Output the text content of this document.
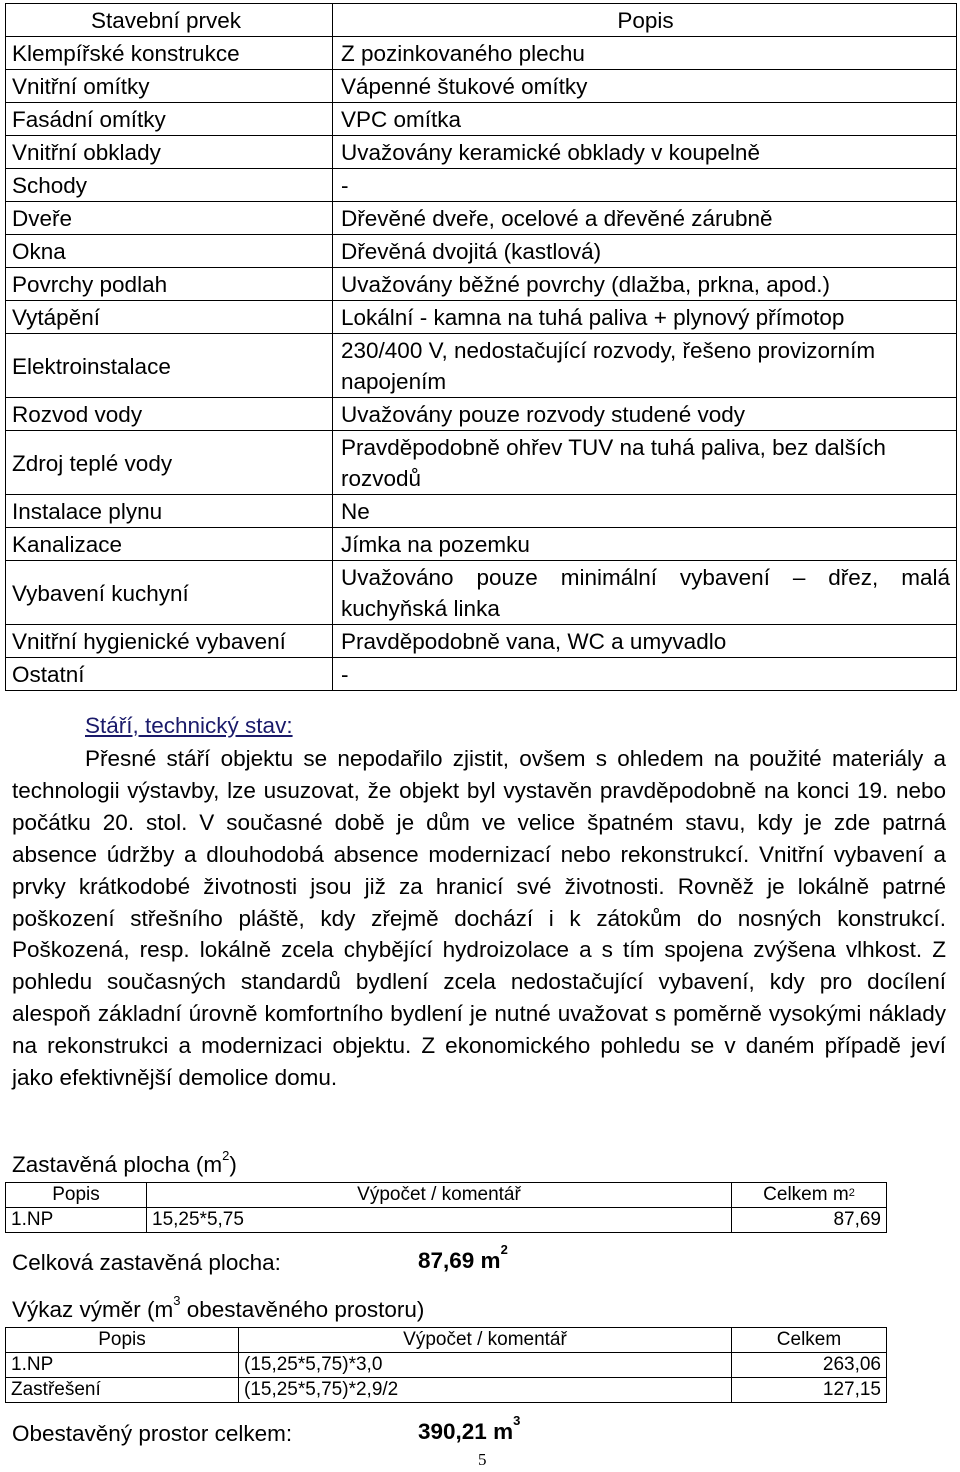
Stavební prvek	Popis
Klempířské konstrukce	Z pozinkovaného plechu
Vnitřní omítky	Vápenné štukové omítky
Fasádní omítky	VPC omítka
Vnitřní obklady	Uvažovány keramické obklady v koupelně
Schody	-
Dveře	Dřevěné dveře, ocelové a dřevěné zárubně
Okna	Dřevěná dvojitá (kastlová)
Povrchy podlah	Uvažovány běžné povrchy (dlažba, prkna, apod.)
Vytápění	Lokální - kamna na tuhá paliva + plynový přímotop
Elektroinstalace	230/400 V, nedostačující rozvody, řešeno provizorním napojením
Rozvod vody	Uvažovány pouze rozvody studené vody
Zdroj teplé vody	Pravděpodobně ohřev TUV na tuhá paliva, bez dalších rozvodů
Instalace plynu	Ne
Kanalizace	Jímka na pozemku
Vybavení kuchyní	Uvažováno pouze minimální vybavení – dřez, malá kuchyňská linka
Vnitřní hygienické vybavení	Pravděpodobně vana, WC a umyvadlo
Ostatní	-
Stáří, technický stav:

Přesné stáří objektu se nepodařilo zjistit, ovšem s ohledem na použité materiály a technologii výstavby, lze usuzovat, že objekt byl vystavěn pravděpodobně na konci 19. nebo počátku 20. stol. V současné době je dům ve velice špatném stavu, kdy je zde patrná absence údržby a dlouhodobá absence modernizací nebo rekonstrukcí. Vnitřní vybavení a prvky krátkodobé životnosti jsou již za hranicí své životnosti. Rovněž je lokálně patrné poškození střešního pláště, kdy zřejmě dochází i k zátokům do nosných konstrukcí. Poškozená, resp. lokálně zcela chybějící hydroizolace a s tím spojena zvýšena vlhkost. Z pohledu současných standardů bydlení zcela nedostačující vybavení, kdy pro docílení alespoň základní úrovně komfortního bydlení je nutné uvažovat s poměrně vysokými náklady na rekonstrukci a modernizaci objektu. Z ekonomického pohledu se v daném případě jeví jako efektivnější demolice domu.

Zastavěná plocha $(m^2)$
Popis	Výpočet / komentář	Celkem $m^2$
1.NP	15,25*5,75	87,69
Celková zastavěná plocha:	87,69 $m^2$
Výkaz výměr ($m^3$ obestavěného prostoru)
Popis	Výpočet / komentář	Celkem
1.NP	(15,25*5,75)*3,0	263,06
Zastřešení	(15,25*5,75)*2,9/2	127,15
Obestavěný prostor celkem:	390,21 $m^3$
5
